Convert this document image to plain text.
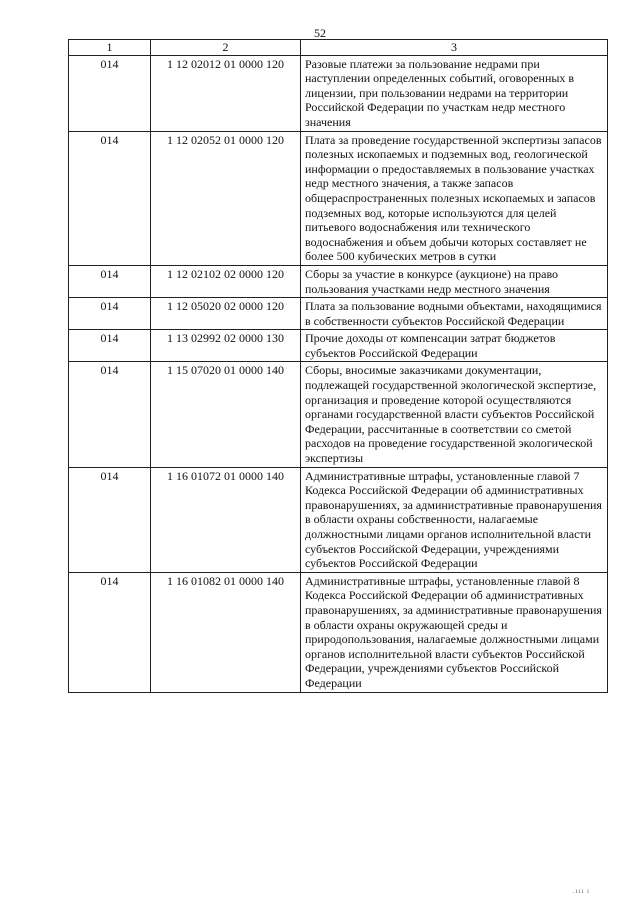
52
1	2	3
014	1 12 02012 01 0000 120	Разовые платежи за пользование недрами при наступлении определенных событий, оговоренных в лицензии, при пользовании недрами на территории Российской Федерации по участкам недр местного значения
014	1 12 02052 01 0000 120	Плата за проведение государственной экспертизы запасов полезных ископаемых и подземных вод, геологической информации о предоставляемых в пользование участках недр местного значения, а также запасов общераспространенных полезных ископаемых и запасов подземных вод, которые используются для целей питьевого водоснабжения или технического водоснабжения и объем добычи которых составляет не более 500 кубических метров в сутки
014	1 12 02102 02 0000 120	Сборы за участие в конкурсе (аукционе) на право пользования участками недр местного значения
014	1 12 05020 02 0000 120	Плата за пользование водными объектами, находящимися в собственности субъектов Российской Федерации
014	1 13 02992 02 0000 130	Прочие доходы от компенсации затрат бюджетов субъектов Российской Федерации
014	1 15 07020 01 0000 140	Сборы, вносимые заказчиками документации, подлежащей государственной экологической экспертизе, организация и проведение которой осуществляются органами государственной власти субъектов Российской Федерации, рассчитанные в соответствии со сметой расходов на проведение государственной экологической экспертизы
014	1 16 01072 01 0000 140	Административные штрафы, установленные главой 7 Кодекса Российской Федерации об административных правонарушениях, за административные правонарушения в области охраны собственности, налагаемые должностными лицами органов исполнительной власти субъектов Российской Федерации, учреждениями субъектов Российской Федерации
014	1 16 01082 01 0000 140	Административные штрафы, установленные главой 8 Кодекса Российской Федерации об административных правонарушениях, за административные правонарушения в области охраны окружающей среды и природопользования, налагаемые должностными лицами органов исполнительной власти субъектов Российской Федерации, учреждениями субъектов Российской Федерации
.ııı ı
